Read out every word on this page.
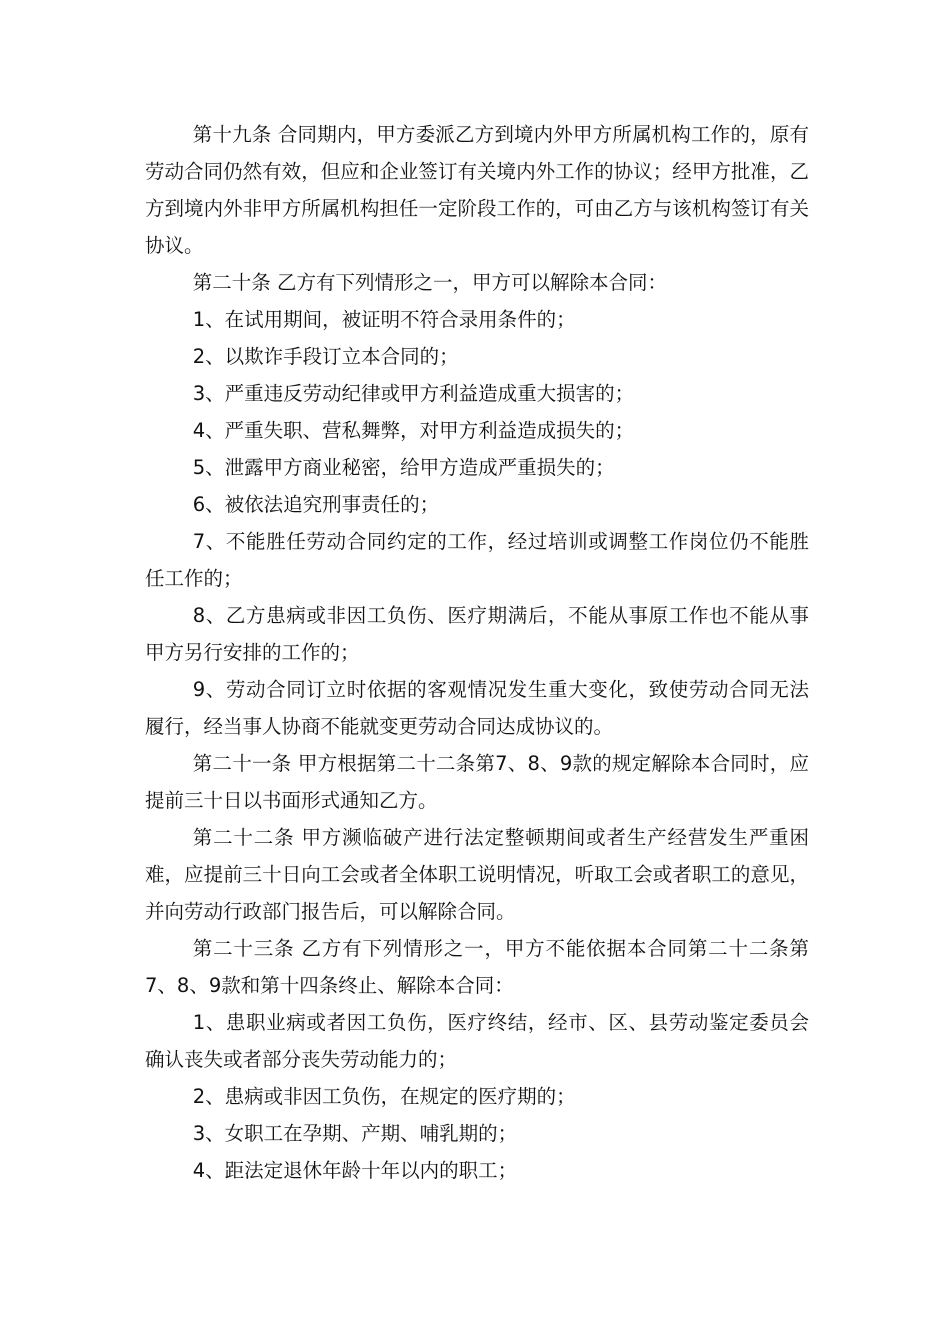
第十九条 合同期内，甲方委派乙方到境内外甲方所属机构工作的，原有劳动合同仍然有效，但应和企业签订有关境内外工作的协议；经甲方批准，乙方到境内外非甲方所属机构担任一定阶段工作的，可由乙方与该机构签订有关协议。

第二十条 乙方有下列情形之一，甲方可以解除本合同：

1、在试用期间，被证明不符合录用条件的；

2、以欺诈手段订立本合同的；

3、严重违反劳动纪律或甲方利益造成重大损害的；

4、严重失职、营私舞弊，对甲方利益造成损失的；

5、泄露甲方商业秘密，给甲方造成严重损失的；

6、被依法追究刑事责任的；

7、不能胜任劳动合同约定的工作，经过培训或调整工作岗位仍不能胜任工作的；

8、乙方患病或非因工负伤、医疗期满后，不能从事原工作也不能从事甲方另行安排的工作的；

9、劳动合同订立时依据的客观情况发生重大变化，致使劳动合同无法履行，经当事人协商不能就变更劳动合同达成协议的。

第二十一条 甲方根据第二十二条第7、8、9款的规定解除本合同时，应提前三十日以书面形式通知乙方。

第二十二条 甲方濒临破产进行法定整顿期间或者生产经营发生严重困难，应提前三十日向工会或者全体职工说明情况，听取工会或者职工的意见，并向劳动行政部门报告后，可以解除合同。

第二十三条 乙方有下列情形之一，甲方不能依据本合同第二十二条第7、8、9款和第十四条终止、解除本合同：

1、患职业病或者因工负伤，医疗终结，经市、区、县劳动鉴定委员会确认丧失或者部分丧失劳动能力的；

2、患病或非因工负伤，在规定的医疗期的；

3、女职工在孕期、产期、哺乳期的；

4、距法定退休年龄十年以内的职工；
